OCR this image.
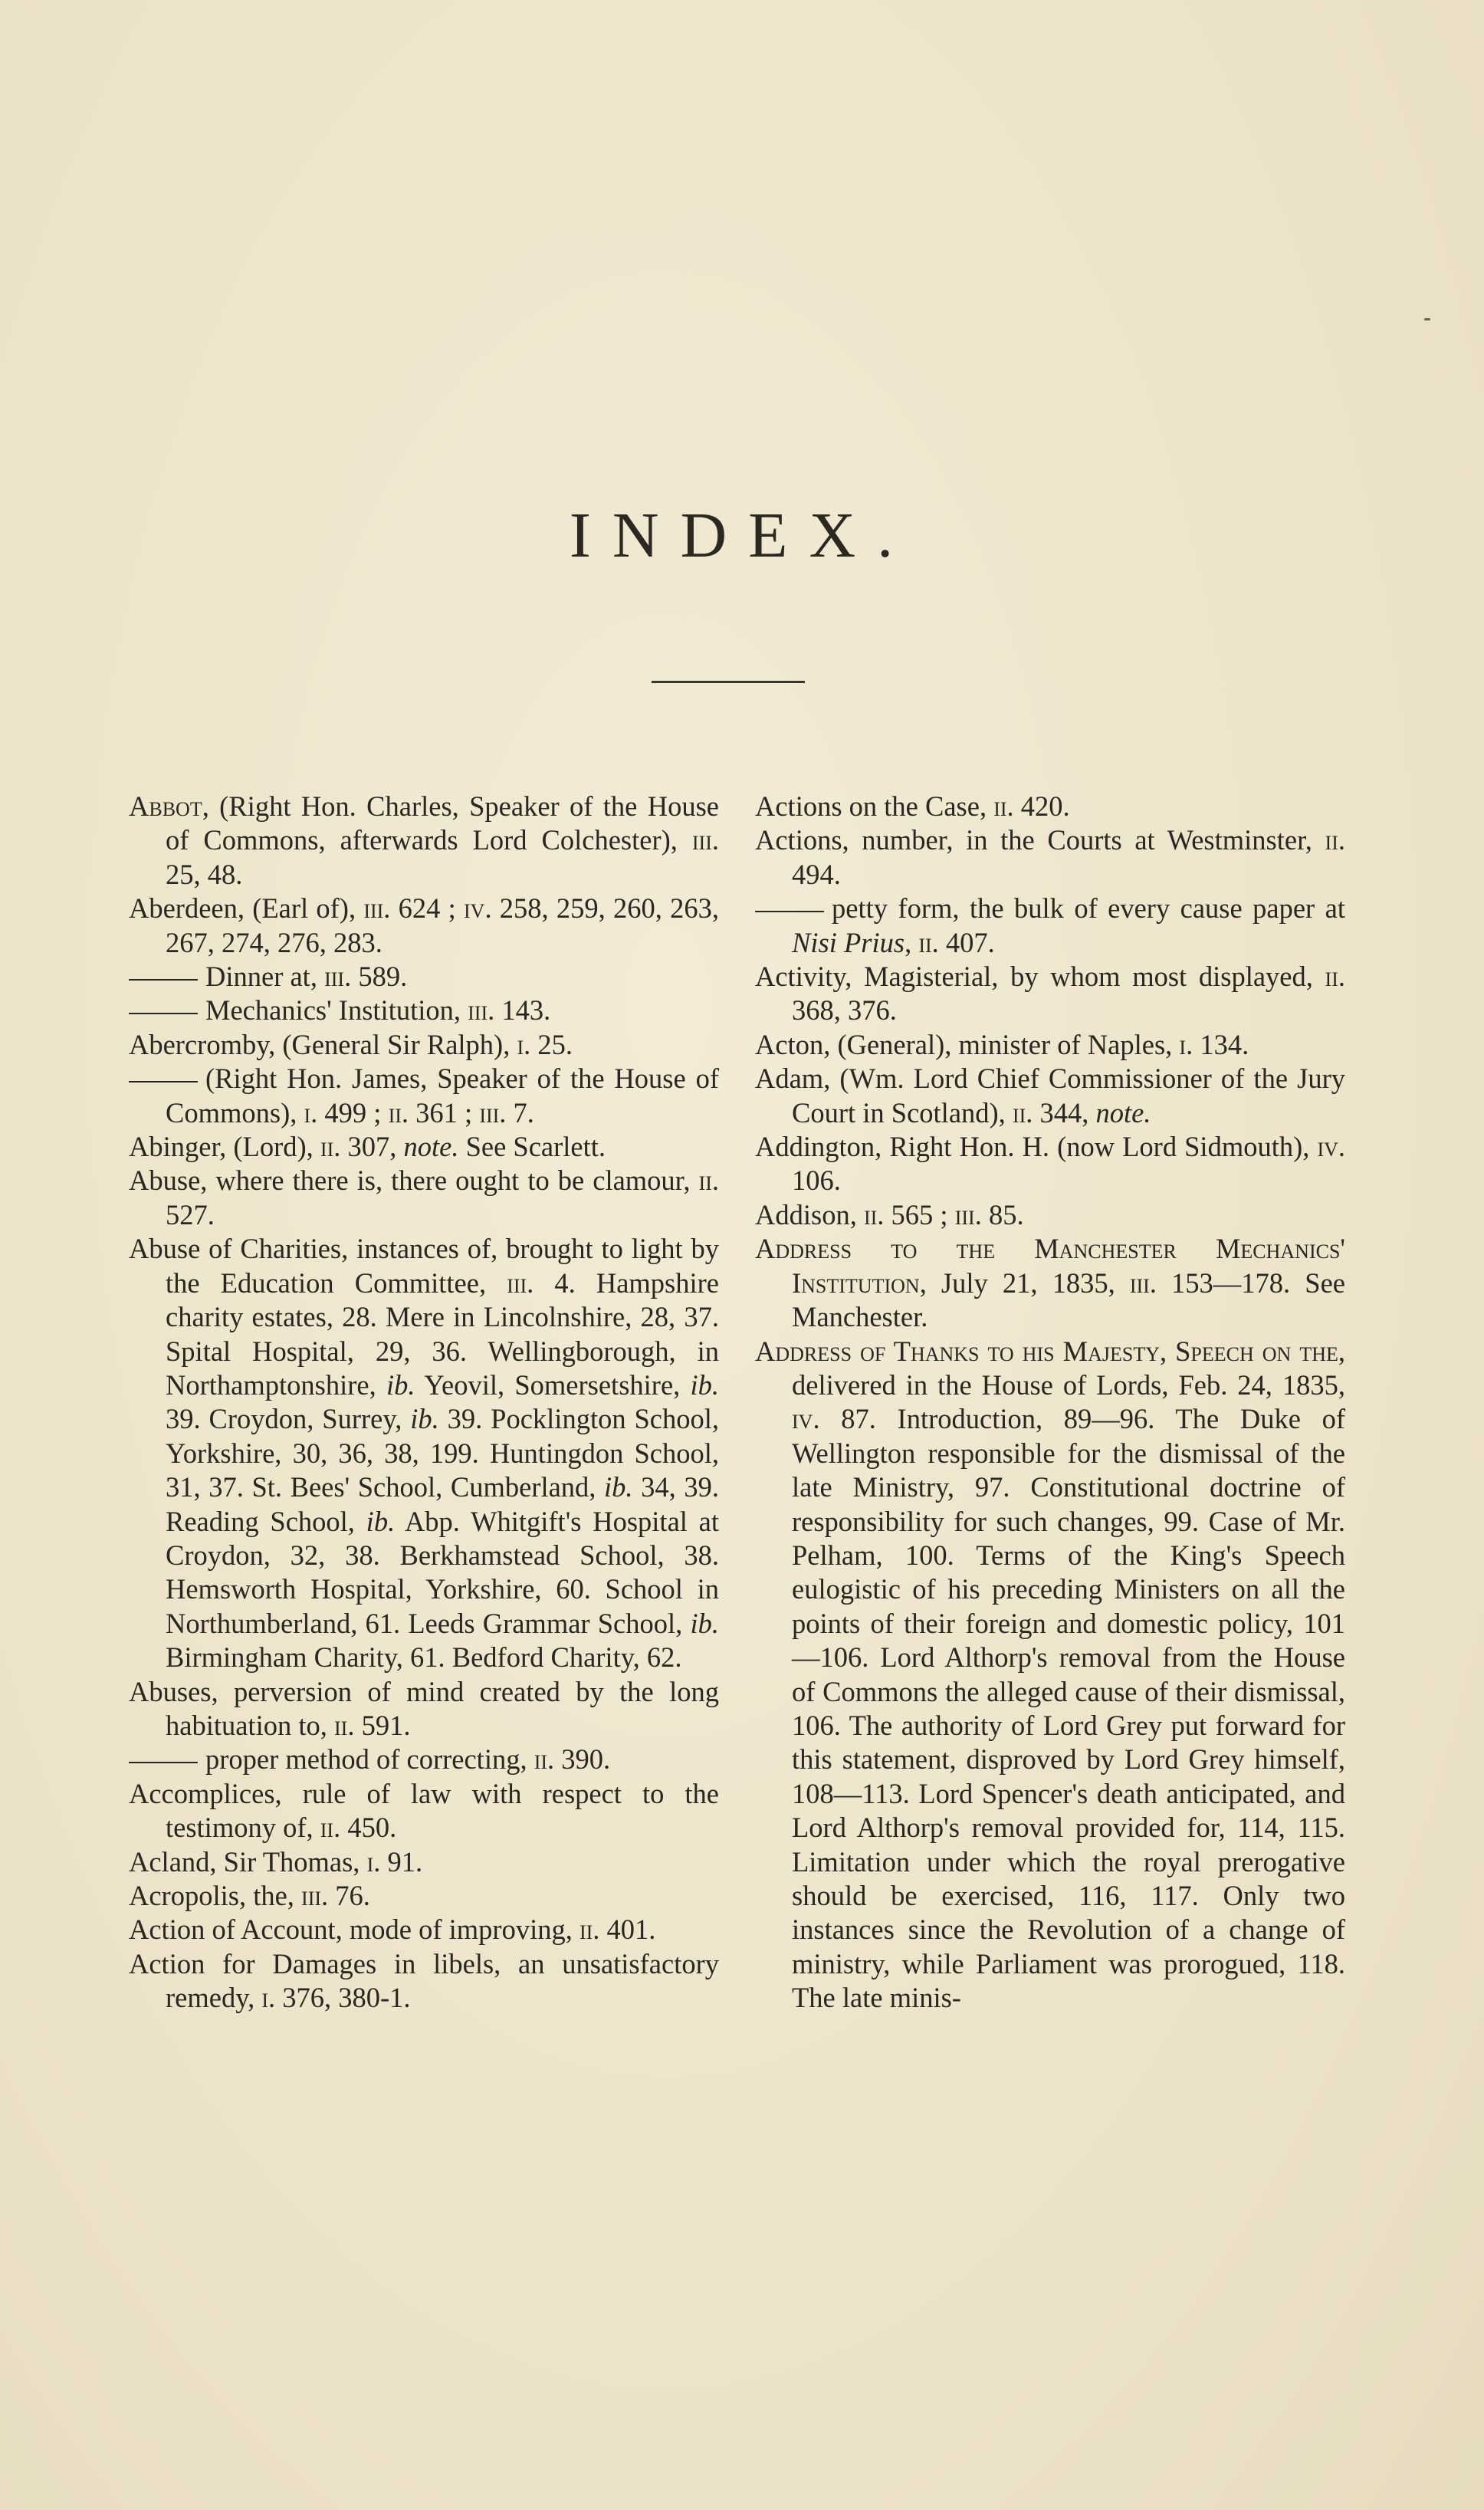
INDEX.

Abbot, (Right Hon. Charles, Speaker of the House of Commons, afterwards Lord Colchester), iii. 25, 48.

Aberdeen, (Earl of), iii. 624 ; iv. 258, 259, 260, 263, 267, 274, 276, 283.

Dinner at, iii. 589.

Mechanics' Institution, iii. 143.

Abercromby, (General Sir Ralph), i. 25.

(Right Hon. James, Speaker of the House of Commons), i. 499 ; ii. 361 ; iii. 7.

Abinger, (Lord), ii. 307, note. See Scarlett.

Abuse, where there is, there ought to be clamour, ii. 527.

Abuse of Charities, instances of, brought to light by the Education Committee, iii. 4. Hampshire charity estates, 28. Mere in Lincolnshire, 28, 37. Spital Hospital, 29, 36. Wellingborough, in Northamptonshire, ib. Yeovil, Somersetshire, ib. 39. Croydon, Surrey, ib. 39. Pocklington School, Yorkshire, 30, 36, 38, 199. Huntingdon School, 31, 37. St. Bees' School, Cumberland, ib. 34, 39. Reading School, ib. Abp. Whitgift's Hospital at Croydon, 32, 38. Berkhamstead School, 38. Hemsworth Hospital, Yorkshire, 60. School in Northumberland, 61. Leeds Grammar School, ib. Birmingham Charity, 61. Bedford Charity, 62.

Abuses, perversion of mind created by the long habituation to, ii. 591.

proper method of correcting, ii. 390.

Accomplices, rule of law with respect to the testimony of, ii. 450.

Acland, Sir Thomas, i. 91.

Acropolis, the, iii. 76.

Action of Account, mode of improving, ii. 401.

Action for Damages in libels, an unsatisfactory remedy, i. 376, 380-1.

Actions on the Case, ii. 420.

Actions, number, in the Courts at Westminster, ii. 494.

petty form, the bulk of every cause paper at Nisi Prius, ii. 407.

Activity, Magisterial, by whom most displayed, ii. 368, 376.

Acton, (General), minister of Naples, i. 134.

Adam, (Wm. Lord Chief Commissioner of the Jury Court in Scotland), ii. 344, note.

Addington, Right Hon. H. (now Lord Sidmouth), iv. 106.

Addison, ii. 565 ; iii. 85.

Address to the Manchester Mechanics' Institution, July 21, 1835, iii. 153—178. See Manchester.

Address of Thanks to his Majesty, Speech on the, delivered in the House of Lords, Feb. 24, 1835, iv. 87. Introduction, 89—96. The Duke of Wellington responsible for the dismissal of the late Ministry, 97. Constitutional doctrine of responsibility for such changes, 99. Case of Mr. Pelham, 100. Terms of the King's Speech eulogistic of his preceding Ministers on all the points of their foreign and domestic policy, 101—106. Lord Althorp's removal from the House of Commons the alleged cause of their dismissal, 106. The authority of Lord Grey put forward for this statement, disproved by Lord Grey himself, 108—113. Lord Spencer's death anticipated, and Lord Althorp's removal provided for, 114, 115. Limitation under which the royal prerogative should be exercised, 116, 117. Only two instances since the Revolution of a change of ministry, while Parliament was prorogued, 118. The late minis-
